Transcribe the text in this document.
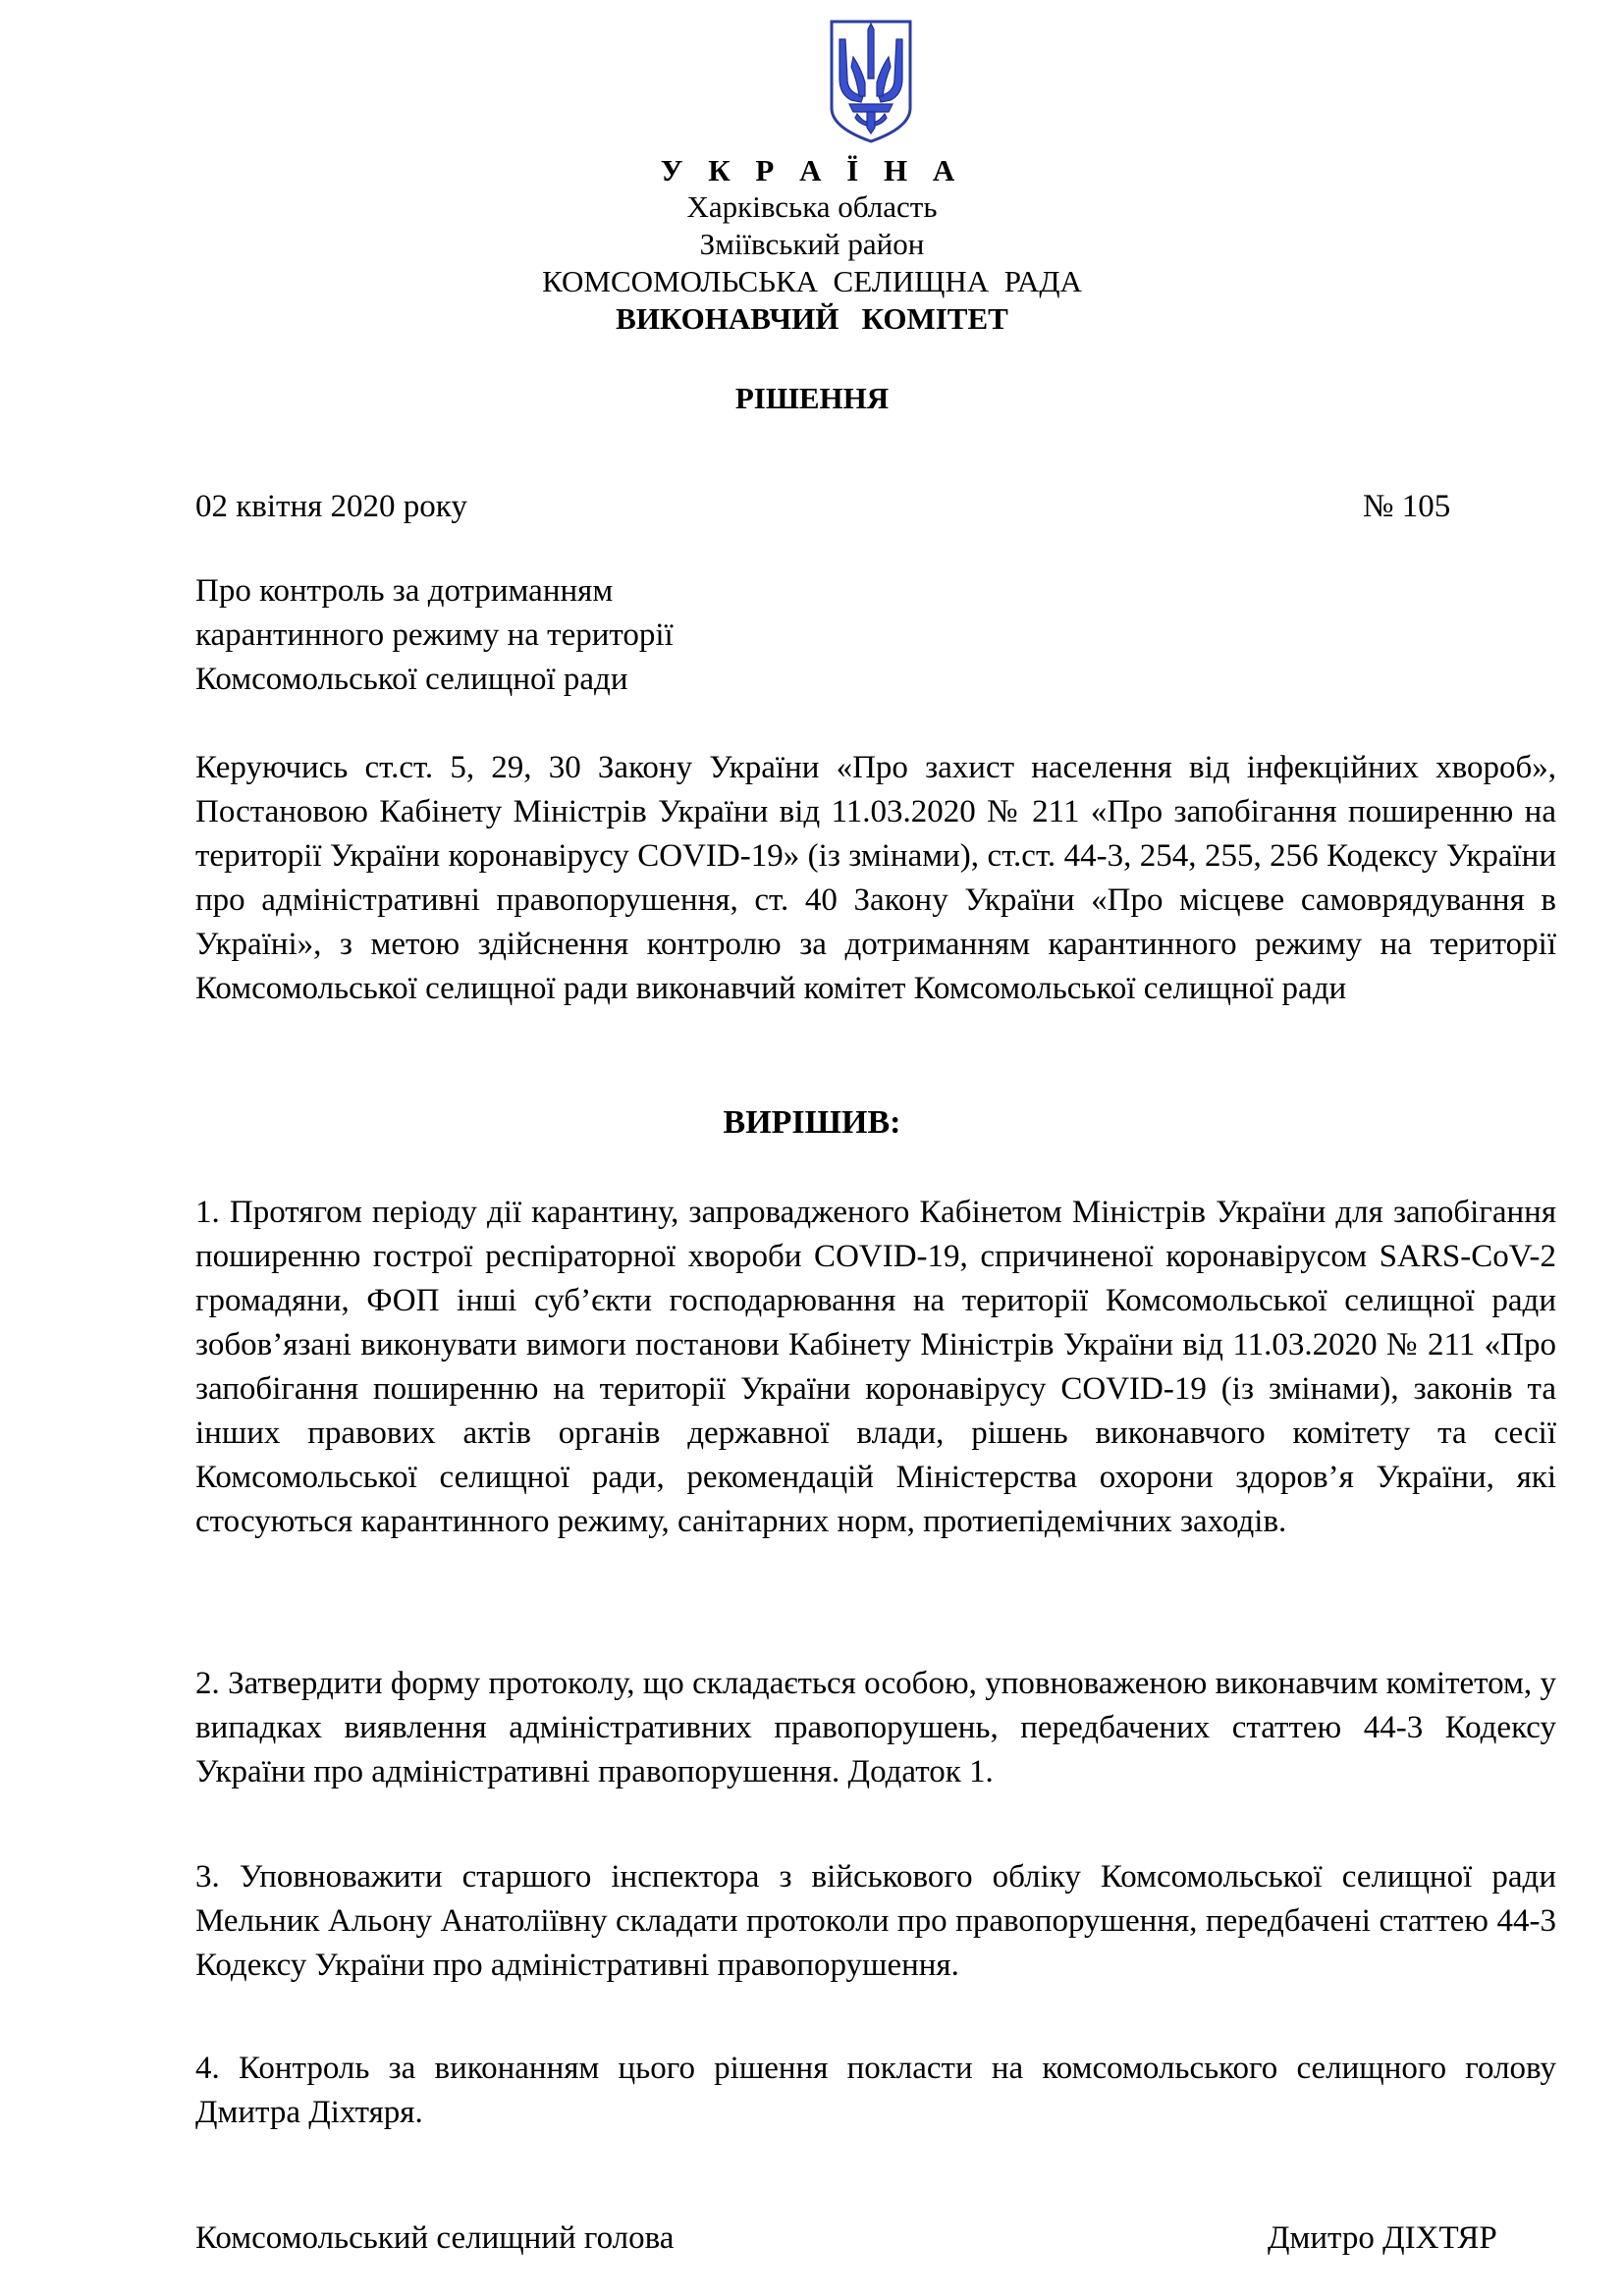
У К Р А Ї Н А
Харківська область
Зміївський район
КОМСОМОЛЬСЬКА  СЕЛИЩНА  РАДА
ВИКОНАВЧИЙ   КОМІТЕТ
РІШЕННЯ
02 квітня 2020 року	№ 105
Про контроль за дотриманням
карантинного режиму на території
Комсомольської селищної ради
Керуючись ст.ст. 5, 29, 30 Закону України «Про захист населення від інфекційних хвороб», Постановою Кабінету Міністрів України від 11.03.2020 № 211 «Про запобігання поширенню на території України коронавірусу COVID-19» (із змінами), ст.ст. 44-3, 254, 255, 256 Кодексу України про адміністративні правопорушення, ст. 40 Закону України «Про місцеве самоврядування в Україні», з метою здійснення контролю за дотриманням карантинного режиму на території Комсомольської селищної ради виконавчий комітет Комсомольської селищної ради
ВИРІШИВ:
1. Протягом періоду дії карантину, запровадженого Кабінетом Міністрів України для запобігання поширенню гострої респіраторної хвороби COVID-19, спричиненої коронавірусом SARS-CoV-2 громадяни, ФОП інші суб’єкти господарювання на території Комсомольської селищної ради зобов’язані виконувати вимоги постанови Кабінету Міністрів України від 11.03.2020 № 211 «Про запобігання поширенню на території України коронавірусу COVID-19 (із змінами), законів та інших правових актів органів державної влади, рішень виконавчого комітету та сесії Комсомольської селищної ради, рекомендацій Міністерства охорони здоров’я України, які стосуються карантинного режиму, санітарних норм, протиепідемічних заходів.
2. Затвердити форму протоколу, що складається особою, уповноваженою виконавчим комітетом, у випадках виявлення адміністративних правопорушень, передбачених статтею 44-3 Кодексу України про адміністративні правопорушення. Додаток 1.
3. Уповноважити старшого інспектора з військового обліку Комсомольської селищної ради Мельник Альону Анатоліївну складати протоколи про правопорушення, передбачені статтею 44-3 Кодексу України про адміністративні правопорушення.
4. Контроль за виконанням цього рішення покласти на комсомольського селищного голову Дмитра Діхтяря.
Комсомольський селищний голова	Дмитро ДІХТЯР
